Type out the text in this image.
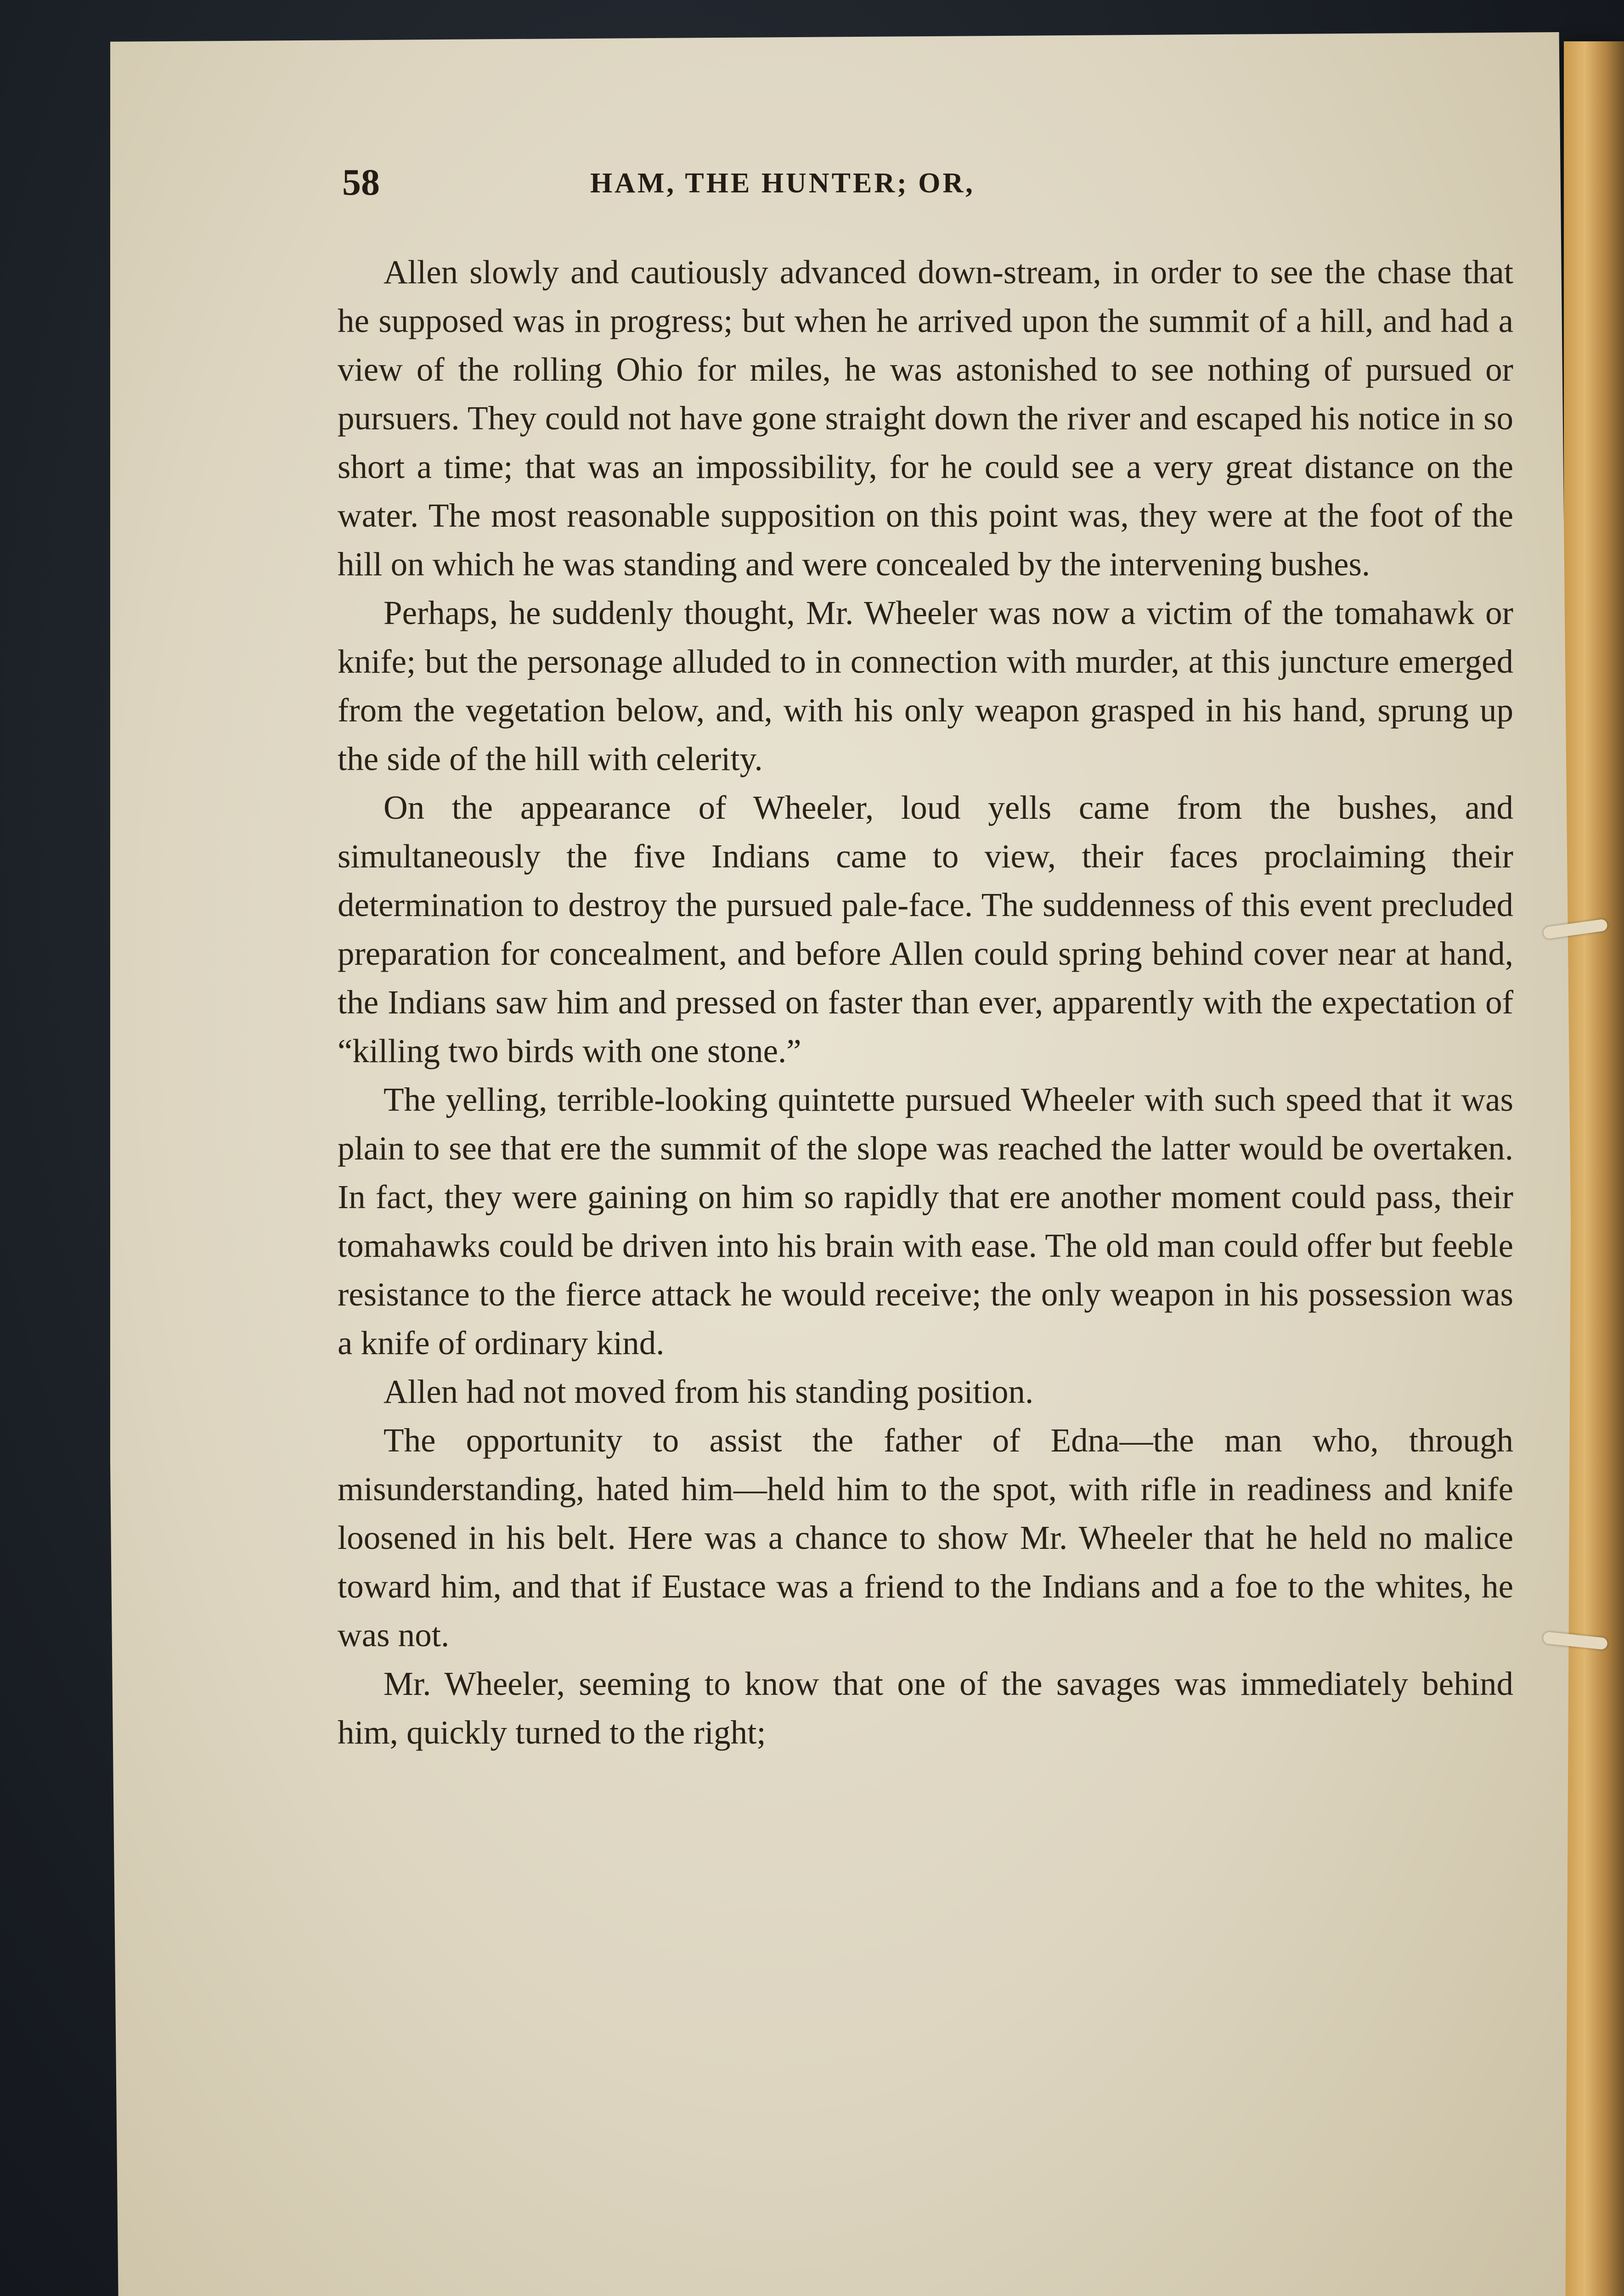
58	HAM, THE HUNTER; OR,

Allen slowly and cautiously advanced down-stream, in order to see the chase that he supposed was in progress; but when he arrived upon the summit of a hill, and had a view of the rolling Ohio for miles, he was astonished to see nothing of pursued or pursuers. They could not have gone straight down the river and escaped his notice in so short a time; that was an impossibility, for he could see a very great distance on the water. The most reasonable supposition on this point was, they were at the foot of the hill on which he was standing and were concealed by the intervening bushes.

Perhaps, he suddenly thought, Mr. Wheeler was now a victim of the tomahawk or knife; but the personage alluded to in connection with murder, at this juncture emerged from the vegetation below, and, with his only weapon grasped in his hand, sprung up the side of the hill with celerity.

On the appearance of Wheeler, loud yells came from the bushes, and simultaneously the five Indians came to view, their faces proclaiming their determination to destroy the pursued pale-face. The suddenness of this event precluded preparation for concealment, and before Allen could spring behind cover near at hand, the Indians saw him and pressed on faster than ever, apparently with the expectation of “killing two birds with one stone.”

The yelling, terrible-looking quintette pursued Wheeler with such speed that it was plain to see that ere the summit of the slope was reached the latter would be overtaken. In fact, they were gaining on him so rapidly that ere another moment could pass, their tomahawks could be driven into his brain with ease. The old man could offer but feeble resistance to the fierce attack he would receive; the only weapon in his possession was a knife of ordinary kind.

Allen had not moved from his standing position.

The opportunity to assist the father of Edna—the man who, through misunderstanding, hated him—held him to the spot, with rifle in readiness and knife loosened in his belt. Here was a chance to show Mr. Wheeler that he held no malice toward him, and that if Eustace was a friend to the Indians and a foe to the whites, he was not.

Mr. Wheeler, seeming to know that one of the savages was immediately behind him, quickly turned to the right;
